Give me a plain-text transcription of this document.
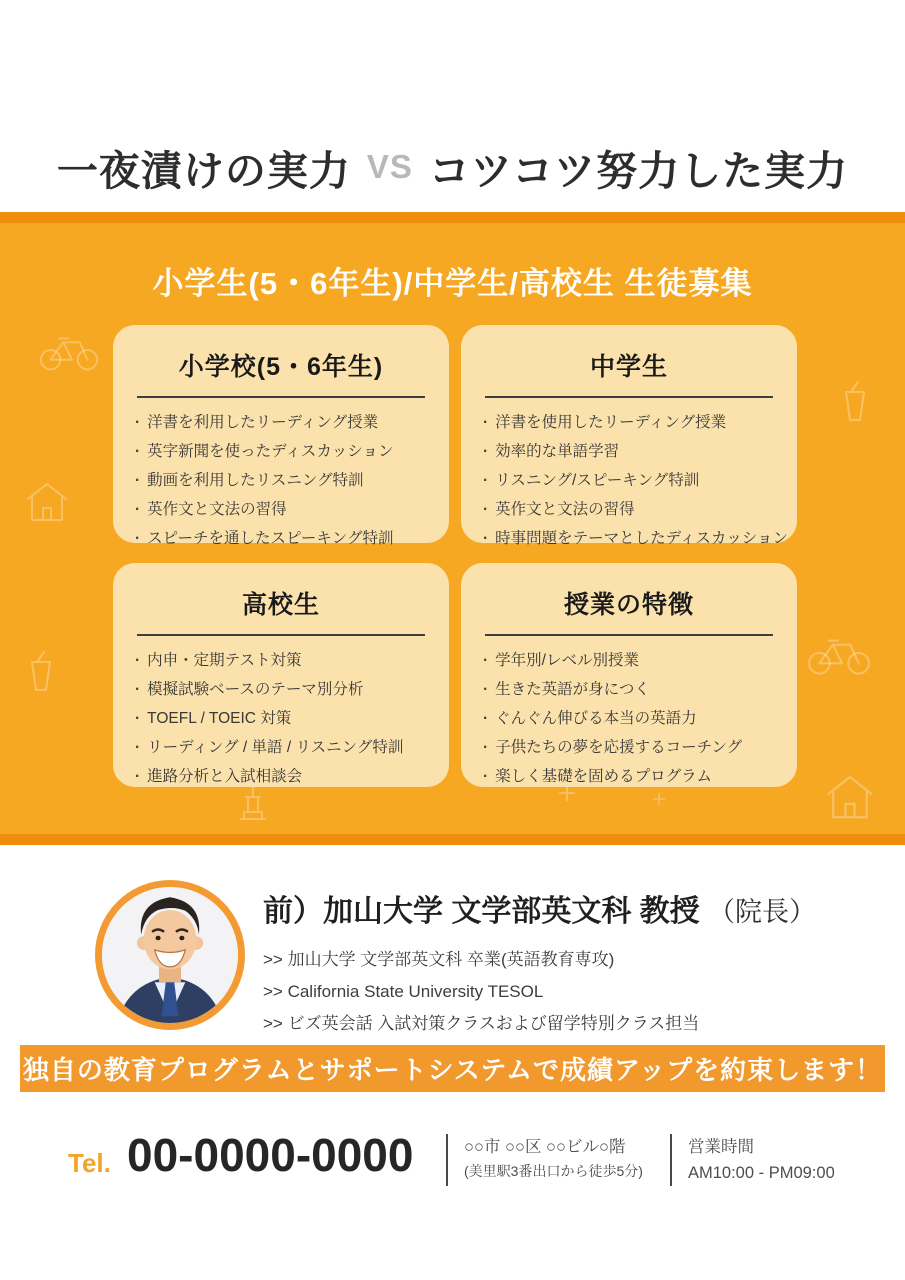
一夜漬けの実力 VS コツコツ努力した実力
小学生(5・6年生)/中学生/高校生 生徒募集
小学校(5・6年生)
· 洋書を利用したリーディング授業
· 英字新聞を使ったディスカッション
· 動画を利用したリスニング特訓
· 英作文と文法の習得
· スピーチを通したスピーキング特訓
中学生
· 洋書を使用したリーディング授業
· 効率的な単語学習
· リスニング/スピーキング特訓
· 英作文と文法の習得
· 時事問題をテーマとしたディスカッション
高校生
· 内申・定期テスト対策
· 模擬試験ベースのテーマ別分析
· TOEFL / TOEIC 対策
· リーディング / 単語 / リスニング特訓
· 進路分析と入試相談会
授業の特徴
· 学年別/レベル別授業
· 生きた英語が身につく
· ぐんぐん伸びる本当の英語力
· 子供たちの夢を応援するコーチング
· 楽しく基礎を固めるプログラム
前）加山大学 文学部英文科 教授 （院長）
>> 加山大学 文学部英文科 卒業(英語教育専攻)
>> California State University TESOL
>> ビズ英会話 入試対策クラスおよび留学特別クラス担当
独自の教育プログラムとサポートシステムで成績アップを約束します！
Tel. 00-0000-0000	○○市 ○○区 ○○ビル○階
(美里駅3番出口から徒歩5分)
営業時間
AM10:00 - PM09:00
